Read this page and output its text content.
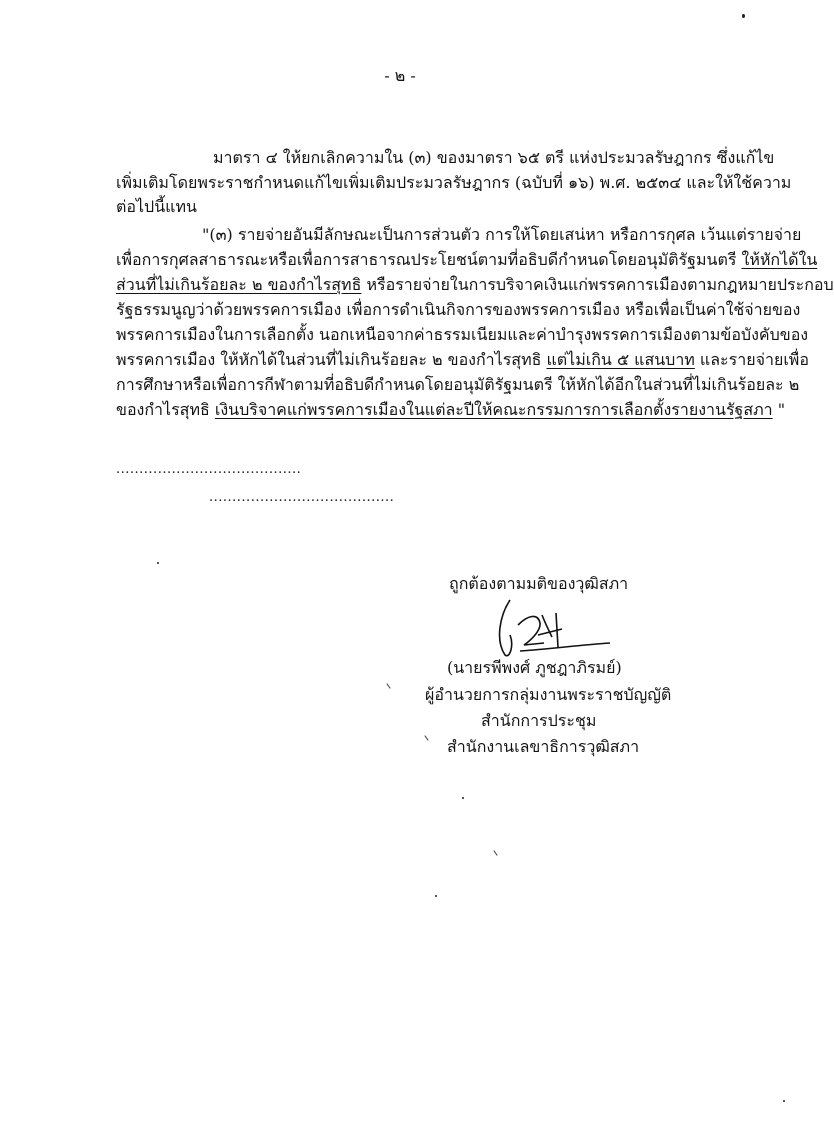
- ๒ -
มาตรา ๔ ให้ยกเลิกความใน (๓) ของมาตรา ๖๕ ตรี แห่งประมวลรัษฎากร ซึ่งแก้ไข
เพิ่มเติมโดยพระราชกำหนดแก้ไขเพิ่มเติมประมวลรัษฎากร (ฉบับที่ ๑๖) พ.ศ. ๒๕๓๔ และให้ใช้ความ
ต่อไปนี้แทน
"(๓) รายจ่ายอันมีลักษณะเป็นการส่วนตัว การให้โดยเสน่หา หรือการกุศล เว้นแต่รายจ่าย
เพื่อการกุศลสาธารณะหรือเพื่อการสาธารณประโยชน์ตามที่อธิบดีกำหนดโดยอนุมัติรัฐมนตรี ให้หักได้ใน
ส่วนที่ไม่เกินร้อยละ ๒ ของกำไรสุทธิ หรือรายจ่ายในการบริจาคเงินแก่พรรคการเมืองตามกฎหมายประกอบ
รัฐธรรมนูญว่าด้วยพรรคการเมือง เพื่อการดำเนินกิจการของพรรคการเมือง หรือเพื่อเป็นค่าใช้จ่ายของ
พรรคการเมืองในการเลือกตั้ง นอกเหนือจากค่าธรรมเนียมและค่าบำรุงพรรคการเมืองตามข้อบังคับของ
พรรคการเมือง ให้หักได้ในส่วนที่ไม่เกินร้อยละ ๒ ของกำไรสุทธิ แต่ไม่เกิน ๕ แสนบาท และรายจ่ายเพื่อ
การศึกษาหรือเพื่อการกีฬาตามที่อธิบดีกำหนดโดยอนุมัติรัฐมนตรี ให้หักได้อีกในส่วนที่ไม่เกินร้อยละ ๒
ของกำไรสุทธิ เงินบริจาคแก่พรรคการเมืองในแต่ละปีให้คณะกรรมการการเลือกตั้งรายงานรัฐสภา "
........................................
........................................
ถูกต้องตามมติของวุฒิสภา
(นายรพีพงศ์ ภูชฎาภิรมย์)
ผู้อำนวยการกลุ่มงานพระราชบัญญัติ
สำนักการประชุม
สำนักงานเลขาธิการวุฒิสภา
